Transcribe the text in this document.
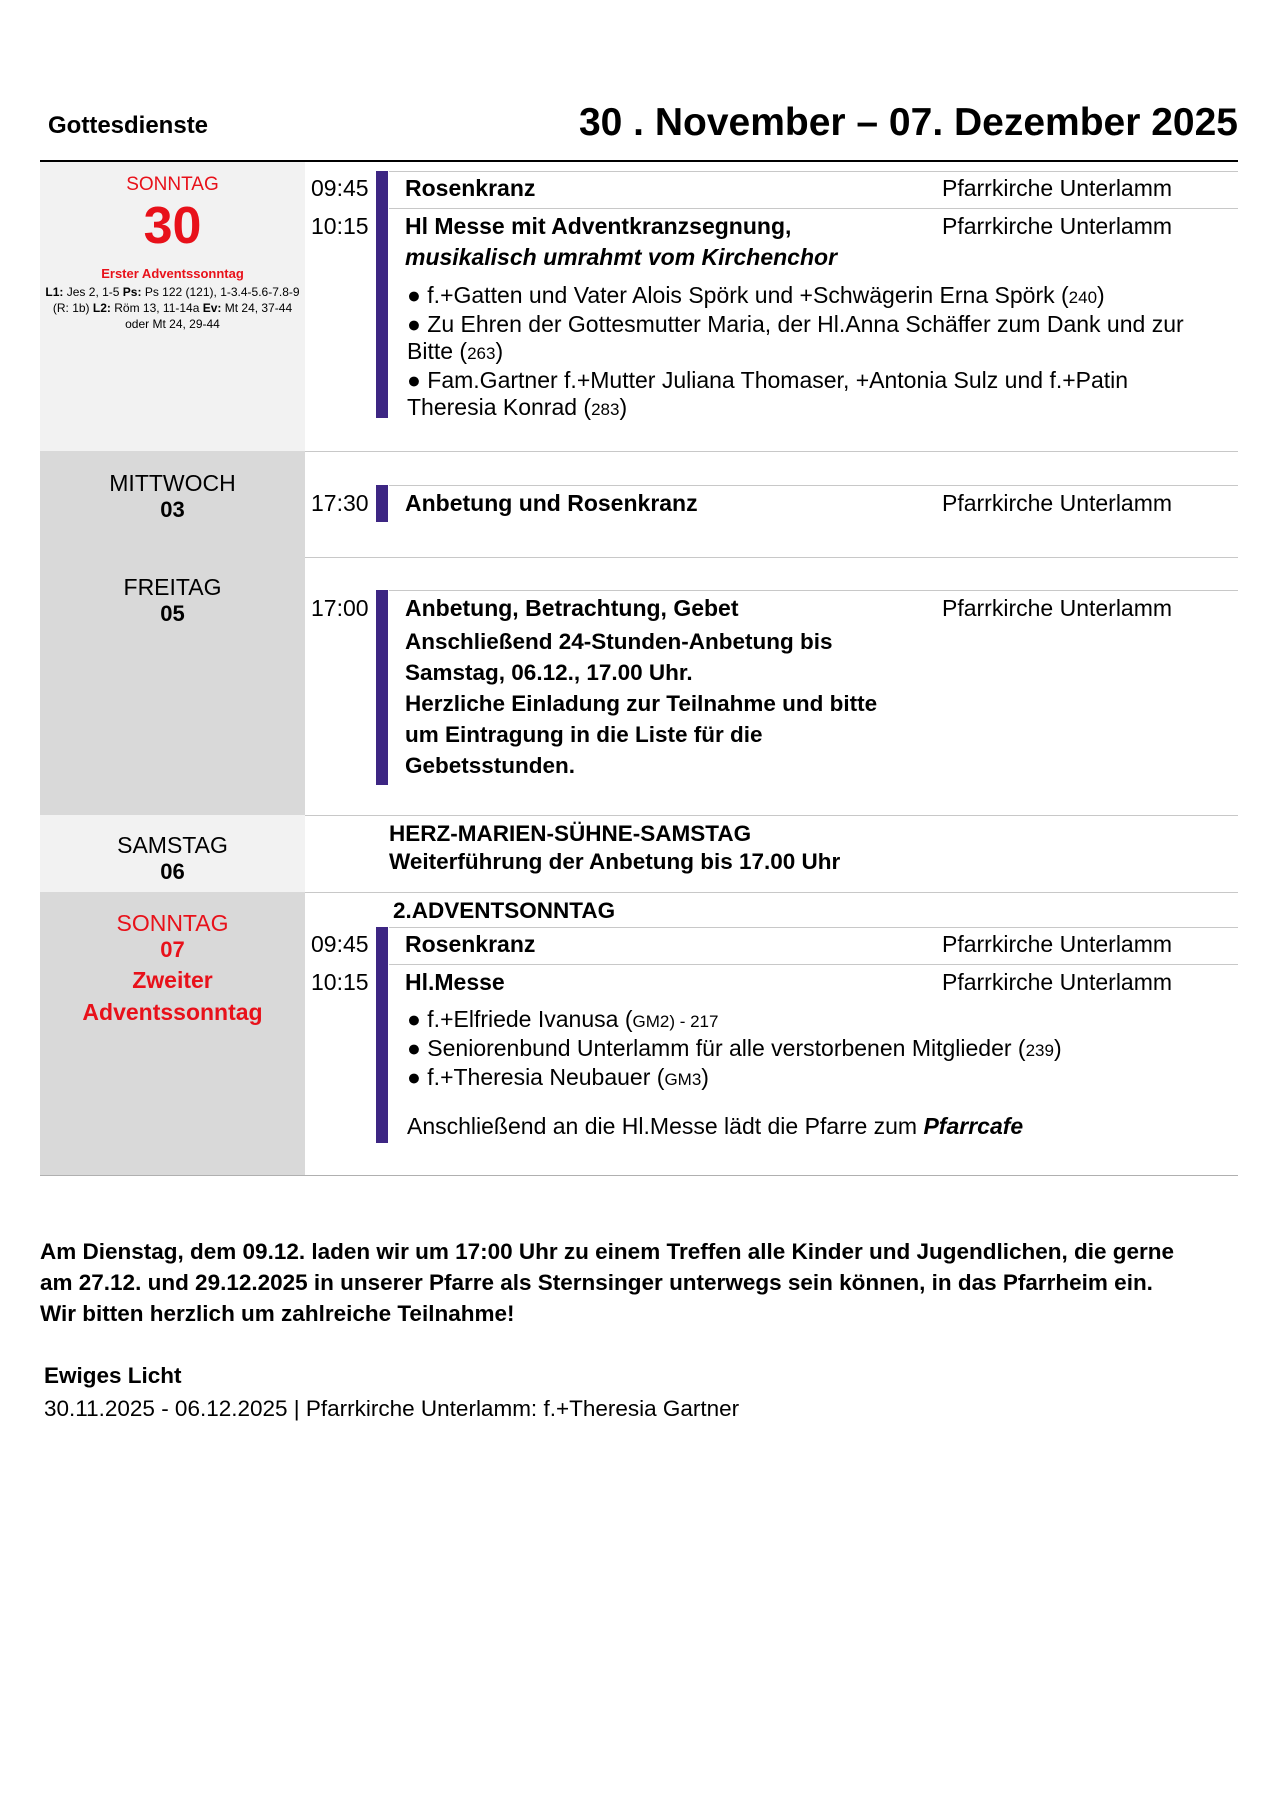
Gottesdienste	30 . November – 07. Dezember 2025
SONNTAG
30
Erster Adventssonntag
L1: Jes 2, 1-5 Ps: Ps 122 (121), 1-3.4-5.6-7.8-9 (R: 1b) L2: Röm 13, 11-14a Ev: Mt 24, 37-44 oder Mt 24, 29-44
09:45 Rosenkranz	Pfarrkirche Unterlamm
10:15 Hl Messe mit Adventkranzsegnung,
musikalisch umrahmt vom Kirchenchor
Pfarrkirche Unterlamm
● f.+Gatten und Vater Alois Spörk und +Schwägerin Erna Spörk (240)
● Zu Ehren der Gottesmutter Maria, der Hl.Anna Schäffer zum Dank und zur Bitte (263)
● Fam.Gartner f.+Mutter Juliana Thomaser, +Antonia Sulz und f.+Patin Theresia Konrad (283)
MITTWOCH
03	17:30 Anbetung und Rosenkranz	Pfarrkirche Unterlamm
FREITAG
05	17:00 Anbetung, Betrachtung, Gebet	Pfarrkirche Unterlamm
Anschließend 24-Stunden-Anbetung bis
Samstag, 06.12., 17.00 Uhr.
Herzliche Einladung zur Teilnahme und bitte
um Eintragung in die Liste für die
Gebetsstunden.
SAMSTAG
06
HERZ-MARIEN-SÜHNE-SAMSTAG
Weiterführung der Anbetung bis 17.00 Uhr
SONNTAG
07
Zweiter
Adventssonntag
2.ADVENTSONNTAG
09:45 Rosenkranz	Pfarrkirche Unterlamm
10:15 Hl.Messe	Pfarrkirche Unterlamm
● f.+Elfriede Ivanusa (GM2) - 217
● Seniorenbund Unterlamm für alle verstorbenen Mitglieder (239)
● f.+Theresia Neubauer (GM3)
Anschließend an die Hl.Messe lädt die Pfarre zum Pfarrcafe
Am Dienstag, dem 09.12. laden wir um 17:00 Uhr zu einem Treffen alle Kinder und Jugendlichen, die gerne
am 27.12. und 29.12.2025 in unserer Pfarre als Sternsinger unterwegs sein können, in das Pfarrheim ein.
Wir bitten herzlich um zahlreiche Teilnahme!
Ewiges Licht
30.11.2025 - 06.12.2025 | Pfarrkirche Unterlamm: f.+Theresia Gartner
